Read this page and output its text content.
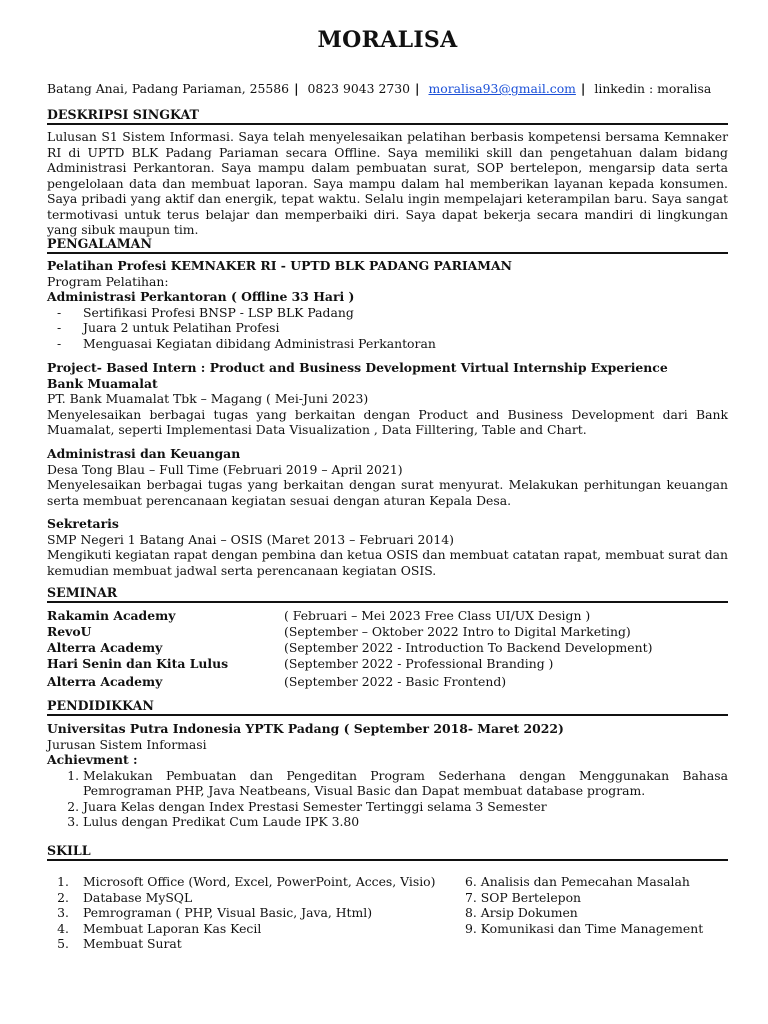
MORALISA
Batang Anai, Padang Pariaman, 25586 | 0823 9043 2730 | moralisa93@gmail.com | linkedin : moralisa
DESKRIPSI SINGKAT
Lulusan S1 Sistem Informasi. Saya telah menyelesaikan pelatihan berbasis kompetensi bersama Kemnaker RI di UPTD BLK Padang Pariaman secara Offline. Saya memiliki skill dan pengetahuan dalam bidang Administrasi Perkantoran. Saya mampu dalam pembuatan surat, SOP bertelepon, mengarsip data serta pengelolaan data dan membuat laporan. Saya mampu dalam hal memberikan layanan kepada konsumen. Saya pribadi yang aktif dan energik, tepat waktu. Selalu ingin mempelajari keterampilan baru. Saya sangat termotivasi untuk terus belajar dan memperbaiki diri. Saya dapat bekerja secara mandiri di lingkungan yang sibuk maupun tim.
PENGALAMAN

Pelatihan Profesi KEMNAKER RI - UPTD BLK PADANG PARIAMAN

Program Pelatihan:

Administrasi Perkantoran ( Offline 33 Hari )

- Sertifikasi Profesi BNSP - LSP BLK Padang
- Juara 2 untuk Pelatihan Profesi
- Menguasai Kegiatan dibidang Administrasi Perkantoran

Project- Based Intern : Product and Business Development Virtual Internship Experience

Bank Muamalat

PT. Bank Muamalat Tbk – Magang ( Mei-Juni 2023)

Menyelesaikan berbagai tugas yang berkaitan dengan Product and Business Development dari Bank Muamalat, seperti Implementasi Data Visualization , Data Filltering, Table and Chart.

Administrasi dan Keuangan

Desa Tong Blau – Full Time (Februari 2019 – April 2021)

Menyelesaikan berbagai tugas yang berkaitan dengan surat menyurat. Melakukan perhitungan keuangan serta membuat perencanaan kegiatan sesuai dengan aturan Kepala Desa.

Sekretaris

SMP Negeri 1 Batang Anai – OSIS (Maret 2013 – Februari 2014)

Mengikuti kegiatan rapat dengan pembina dan ketua OSIS dan membuat catatan rapat, membuat surat dan kemudian membuat jadwal serta perencanaan kegiatan OSIS.

SEMINAR
Rakamin Academy	( Februari – Mei 2023 Free Class UI/UX Design )
RevoU	(September – Oktober 2022 Intro to Digital Marketing)
Alterra Academy	(September 2022 - Introduction To Backend Development)
Hari Senin dan Kita Lulus	(September 2022 - Professional Branding )
Alterra Academy	(September 2022 - Basic Frontend)
PENDIDIKKAN

Universitas Putra Indonesia YPTK Padang ( September 2018- Maret 2022)

Jurusan Sistem Informasi

Achievment :

1. Melakukan Pembuatan dan Pengeditan Program Sederhana dengan Menggunakan Bahasa Pemrograman PHP, Java Neatbeans, Visual Basic dan Dapat membuat database program.
2. Juara Kelas dengan Index Prestasi Semester Tertinggi selama 3 Semester
3. Lulus dengan Predikat Cum Laude IPK 3.80
SKILL
1. Microsoft Office (Word, Excel, PowerPoint, Acces, Visio)
2. Database MySQL
3. Pemrograman ( PHP, Visual Basic, Java, Html)
4. Membuat Laporan Kas Kecil
5. Membuat Surat
6. Analisis dan Pemecahan Masalah
7. SOP Bertelepon
8. Arsip Dokumen
9. Komunikasi dan Time Management
